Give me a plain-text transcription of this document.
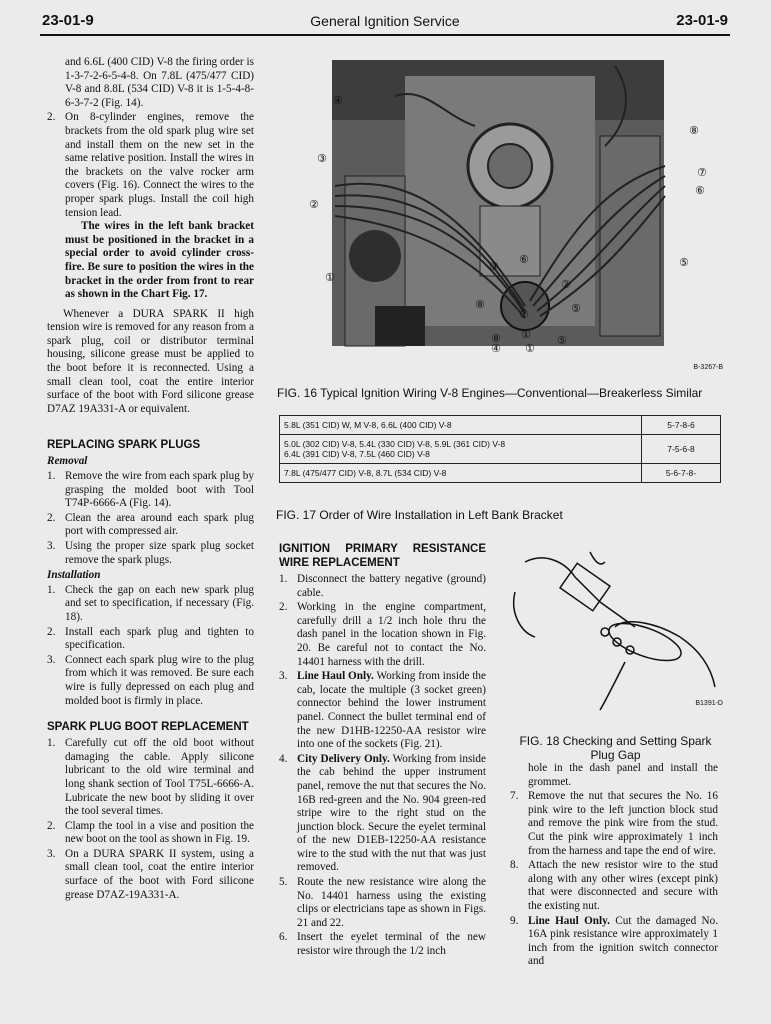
23-01-9	General Ignition Service	23-01-9

and 6.6L (400 CID) V-8 the firing order is 1-3-7-2-6-5-4-8. On 7.8L (475/477 CID) V-8 and 8.8L (534 CID) V-8 it is 1-5-4-8-6-3-7-2 (Fig. 14).

2. On 8-cylinder engines, remove the brackets from the old spark plug wire set and install them on the new set in the same relative position. Install the wires in the brackets on the valve rocker arm covers (Fig. 16). Connect the wires to the proper spark plugs. Install the coil high tension lead.
The wires in the left bank bracket must be positioned in the bracket in a special order to avoid cylinder cross-fire. Be sure to position the wires in the bracket in the order from front to rear as shown in the Chart Fig. 17.

Whenever a DURA SPARK II high tension wire is removed for any reason from a spark plug, coil or distributor terminal housing, silicone grease must be applied to the boot before it is reconnected. Using a small clean tool, coat the entire interior surface of the boot with Ford silicone grease D7AZ 19A331-A or equivalent.

REPLACING SPARK PLUGS
Removal
1. Remove the wire from each spark plug by grasping the molded boot with Tool T74P-6666-A (Fig. 14).
2. Clean the area around each spark plug port with compressed air.
3. Using the proper size spark plug socket remove the spark plugs.
Installation
1. Check the gap on each new spark plug and set to specification, if necessary (Fig. 18).
2. Install each spark plug and tighten to specification.
3. Connect each spark plug wire to the plug from which it was removed. Be sure each wire is fully depressed on each plug and molded boot is firmly in place.
SPARK PLUG BOOT REPLACEMENT
1. Carefully cut off the old boot without damaging the cable. Apply silicone lubricant to the old wire terminal and long shank section of Tool T75L-6666-A. Lubricate the new boot by sliding it over the tool several times.
2. Clamp the tool in a vise and position the new boot on the tool as shown in Fig. 19.
3. On a DURA SPARK II system, using a small clean tool, coat the entire interior surface of the boot with Ford silicone grease D7AZ-19A331-A.
④
③
②
①
⑧
⑦
⑥
⑤
③
⑥
②
⑧
⑦	⑤
①
④
⑧
①
⑤
B-3267-B
FIG. 16 Typical Ignition Wiring V-8 Engines—Conventional—Breakerless Similar
5.8L (351 CID) W, M V-8, 6.6L (400 CID) V-8	5-7-8-6

5.0L (302 CID) V-8, 5.4L (330 CID) V-8, 5.9L (361 CID) V-8
6.4L (391 CID) V-8, 7.5L (460 CID) V-8	7-5-6-8

7.8L (475/477 CID) V-8, 8.7L (534 CID) V-8	5-6-7-8-
FIG. 17 Order of Wire Installation in Left Bank Bracket
IGNITION PRIMARY RESISTANCE WIRE REPLACEMENT
1. Disconnect the battery negative (ground) cable.
2. Working in the engine compartment, carefully drill a 1/2 inch hole thru the dash panel in the location shown in Fig. 20. Be careful not to contact the No. 14401 harness with the drill.
3. Line Haul Only. Working from inside the cab, locate the multiple (3 socket green) connector behind the lower instrument panel. Connect the bullet terminal end of the new D1HB-12250-AA resistor wire into one of the sockets (Fig. 21).
4. City Delivery Only. Working from inside the cab behind the upper instrument panel, remove the nut that secures the No. 16B red-green and the No. 904 green-red stripe wire to the right stud on the junction block. Secure the eyelet terminal of the new D1EB-12250-AA resistance wire to the stud with the nut that was just removed.
5. Route the new resistance wire along the No. 14401 harness using the existing clips or electricians tape as shown in Figs. 21 and 22.
6. Insert the eyelet terminal of the new resistor wire through the 1/2 inch
B1391-D
FIG. 18 Checking and Setting Spark Plug Gap

hole in the dash panel and install the grommet.

7. Remove the nut that secures the No. 16 pink wire to the left junction block stud and remove the pink wire from the stud. Cut the pink wire approximately 1 inch from the harness and tape the end of wire.
8. Attach the new resistor wire to the stud along with any other wires (except pink) that were disconnected and secure with the existing nut.
9. Line Haul Only. Cut the damaged No. 16A pink resistance wire approximately 1 inch from the ignition switch connector and
